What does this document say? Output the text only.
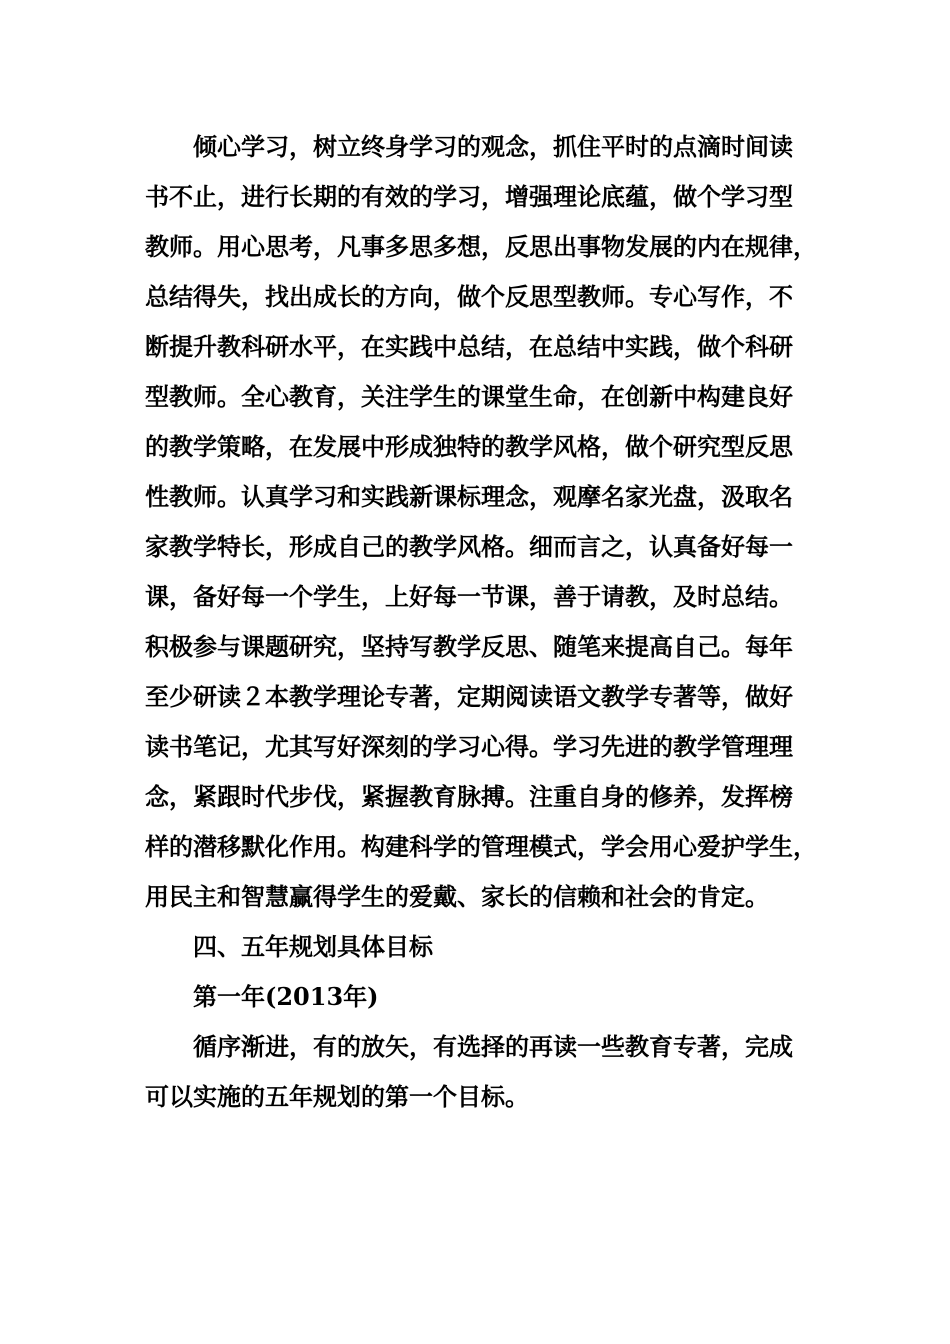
倾心学习，树立终身学习的观念，抓住平时的点滴时间读
书不止，进行长期的有效的学习，增强理论底蕴，做个学习型
教师。用心思考，凡事多思多想，反思出事物发展的内在规律，
总结得失，找出成长的方向，做个反思型教师。专心写作，不
断提升教科研水平，在实践中总结，在总结中实践，做个科研
型教师。全心教育，关注学生的课堂生命，在创新中构建良好
的教学策略，在发展中形成独特的教学风格，做个研究型反思
性教师。认真学习和实践新课标理念，观摩名家光盘，汲取名
家教学特长，形成自己的教学风格。细而言之，认真备好每一
课，备好每一个学生，上好每一节课，善于请教，及时总结。
积极参与课题研究，坚持写教学反思、随笔来提高自己。每年
至少研读２本教学理论专著，定期阅读语文教学专著等，做好
读书笔记，尤其写好深刻的学习心得。学习先进的教学管理理
念，紧跟时代步伐，紧握教育脉搏。注重自身的修养，发挥榜
样的潜移默化作用。构建科学的管理模式，学会用心爱护学生，
用民主和智慧赢得学生的爱戴、家长的信赖和社会的肯定。
四、五年规划具体目标
第一年(2013年)
循序渐进，有的放矢，有选择的再读一些教育专著，完成
可以实施的五年规划的第一个目标。
